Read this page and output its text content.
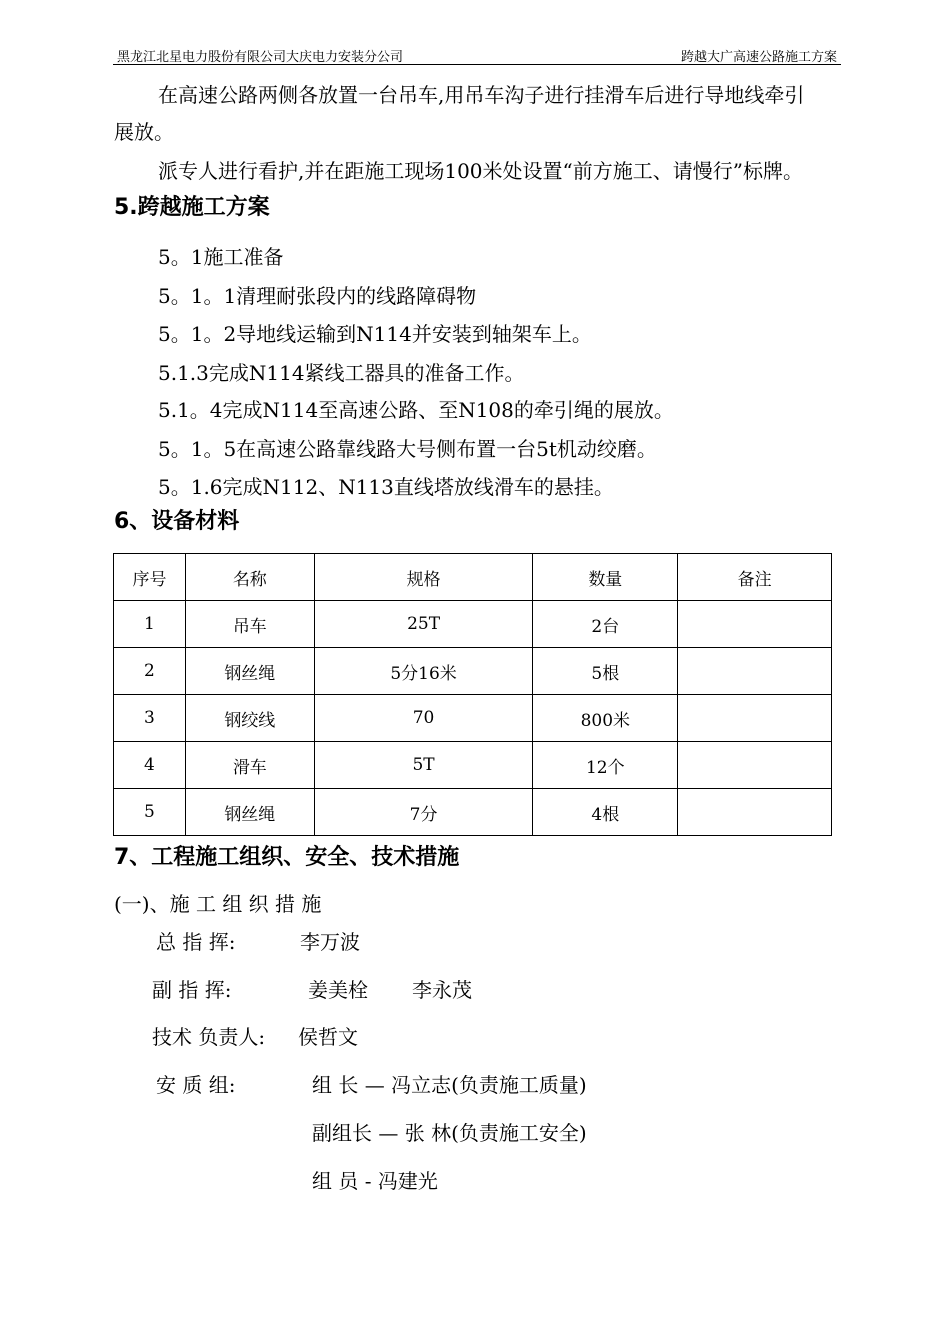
黑龙江北星电力股份有限公司大庆电力安装分公司	跨越大广高速公路施工方案
在高速公路两侧各放置一台吊车,用吊车沟子进行挂滑车后进行导地线牵引
展放。
派专人进行看护,并在距施工现场100米处设置“前方施工、请慢行”标牌。
5.跨越施工方案
5。1施工准备
5。1。1清理耐张段内的线路障碍物
5。1。2导地线运输到N114并安装到轴架车上。
5.1.3完成N114紧线工器具的准备工作。
5.1。4完成N114至高速公路、至N108的牵引绳的展放。
5。1。5在高速公路靠线路大号侧布置一台5t机动绞磨。
5。1.6完成N112、N113直线塔放线滑车的悬挂。
6、设备材料
序号	名称	规格	数量	备注
1	吊车	25T	2台	
2	钢丝绳	5分16米	5根	
3	钢绞线	70	800米	
4	滑车	5T	12个	
5	钢丝绳	7分	4根	
7、工程施工组织、安全、技术措施
(一)、施 工 组 织 措 施
总 指 挥:	李万波
副 指 挥:	姜美栓 李永茂
技术 负责人: 侯哲文
安 质 组:	组 长 — 冯立志(负责施工质量)
副组长 — 张 林(负责施工安全)
组 员 - 冯建光
